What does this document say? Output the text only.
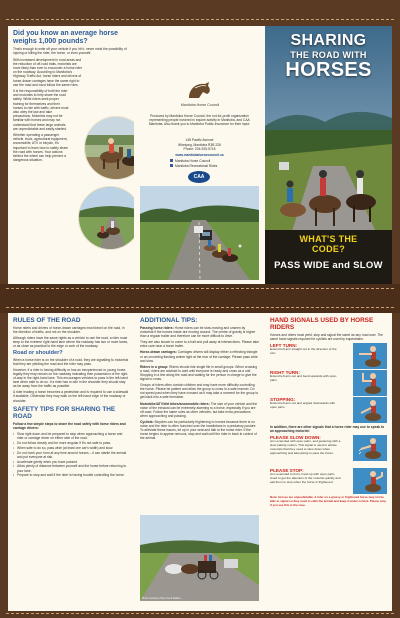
Did you know an average horse weighs 1,000 pounds?

That's enough to write off your vehicle if you hit it, never mind the possibility of injuring or killing the rider, the horse, or even yourself.

With increased development in rural areas and the reduction of off-road trails, motorists are more likely than ever to encounter a horse rider on the roadway. According to Manitoba's Highway Traffic Act, horse riders and drivers of horse-drawn carriages have the same right to use the road and must follow the same rules.

It is the responsibility of both the rider and motorists to help share the road safely. While riders seek proper training for themselves and their horses to ride with traffic, drivers must also obey the law and take precautions. Motorists may not be familiar with horses and may not understand that these large animals are unpredictable and easily startled.

Whether operating a passenger vehicle, truck, agricultural equipment, snowmobile, ATV or bicycle, it's important to learn how to safely share the road with horses. Your actions behind the wheel can help prevent a dangerous situation.

Manitoba Horse Council
Produced by Manitoba Horse Council, the not-for-profit organization representing people involved in equine activity in Manitoba, and CAA Manitoba. Also thank you to Manitoba Public Insurance for their input.
145 Pacific Avenue
Winnipeg, Manitoba R3B 2Z6
Phone: 204-925-5718
www.manitobahorsecouncil.ca
Manitoba Horse Council
Manitoba Recreational Rides
CAA
SHARING
THE ROAD WITH
HORSES
WHAT'S THE
CODE?
PASS WIDE and SLOW
RULES OF THE ROAD

Horse riders and drivers of horse-drawn carriages must travel on the road, in the direction of traffic, and not on the shoulder.

Although riders have the same rights as a vehicle to use the road, a rider must keep to the extreme right-hand lane where the roadway has two or more lanes, or as close as practical to the edge or curb of the roadway.

Road or shoulder?

When a horse rider is on the shoulder of a road, they are signalling to motorists that they are yielding the road and the rider may pass.

However, if a rider is having difficulty or has an inexperienced or young horse, legally they may remain on the roadway indicating their possession of the right-of-way in the right-hand lane. This encourages vehicles to pass in the left-hand lane when safe to do so. If a rider has to ride in the shoulder they should stay as far away from the traffic as possible.

A rider leading a horse becomes a pedestrian and is required to use a sidewalk if available. Otherwise they may walk on the left-hand edge of the roadway or shoulder.

SAFETY TIPS FOR SHARING THE ROAD

Follow a few simple steps to share the road safely with horse riders and carriage drivers:

• Slow right down and be prepared to stop when approaching a horse and rider or carriage driver on either side of the road.
• Do not follow closely and be more angular if it's not safe to pass.
• When safe to do so, pass wide (at least one car's width) and slow.
• Do not honk your horn at any time around horses – it can startle the animal and put everyone at risk.
• Accelerate gently when you have passed.
• Allow plenty of distance between yourself and the horse before returning to your lane.
• Prepare to stop and wait if the rider is having trouble controlling the horse.
ADDITIONAL TIPS:

Passing horse riders: Horse riders can be slow-moving and unseen by motorists if the horses inside are moving around. The centre of gravity is higher than a regular trailer and therefore can be more difficult to drive.

They are also slower to come to a halt and pull away at intersections. Please take extra care near a horse trailer.

Horse-drawn carriages: Carriages drivers will display either a reflecting triangle or an oncoming flashing amber light at the rear of the carriage. Please pass wide and slow.

Riders in a group: Riders should ride single file in small groups. When crossing a road, riders are advised to wait until everyone is ready and cross as a unit. Stopping in a line along the road and waiting for the person in charge to give the signal to cross.

Groups of riders often contain children and may have more difficulty controlling the horse. Please be patient and allow the group to cross in a safe manner. Do not speed past when they have crossed as it may take a moment for the group to get back into a safe formation.

Motorbike/ATV/dirt bikes/snowmobile riders: The size of your vehicle and the noise of the exhaust can be extremely alarming to a horse, especially if you are off-road. Follow the same rules as other vehicles, but take extra precautions when approaching and passing.

Cyclists: Bicycles can be particularly frightening to horses because there is no noise and the rider is often hunched over the handlebars in a predatory posture. To alleviate these issues, let up in your seat and talk to the horse rider. If the horse begins to appear nervous, stop and wait until the rider is back in control of the animal.

Photo courtesy of Dry Creek Stables
HAND SIGNALS USED BY HORSE RIDERS

Horses and riders must yield, stop and signal the same as any road user. The same hand signals required for cyclists are used by equestrians.

LEFT TURN:
Extend left arm straight out in the direction of the turn.
RIGHT TURN:
Extend left arm out and bend upwards with open palm.
STOPPING:
Extend left arm out and angled downwards with open palm.

In addition, there are other signals that a horse rider may use to speak to an approaching motorist:

PLEASE SLOW DOWN:
Arm extended with open palm, and gesturing with a slow patting motion. This signal is used to advise motorists that they need to slow down when approaching and attempting to pass the horse.
PLEASE STOP:
Arm extended to front, hand up with open palm. Used to get the attention of the motorist quickly and ask them to stop when the horse is frightened.

Note: Horses are unpredictable. A rider on a grassy or frightened horse may not be able to signal so they need to calm the animal and keep it under control. Please stop if you see this is the case.
